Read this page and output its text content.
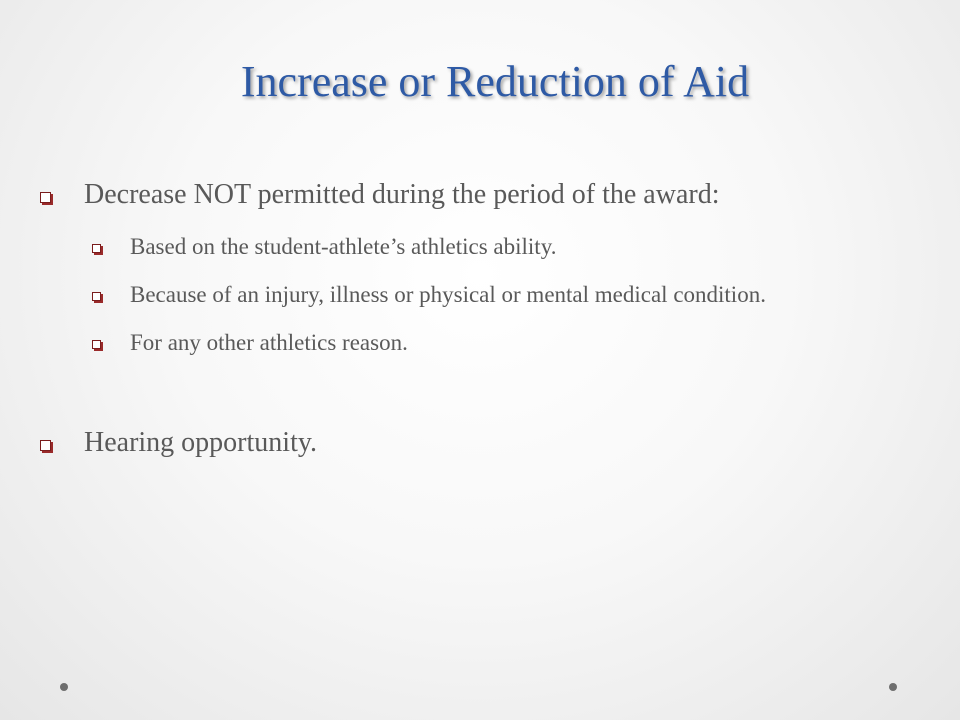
Increase or Reduction of Aid
Decrease NOT permitted during the period of the award:
Based on the student-athlete’s athletics ability.
Because of an injury, illness or physical or mental medical condition.
For any other athletics reason.
Hearing opportunity.
